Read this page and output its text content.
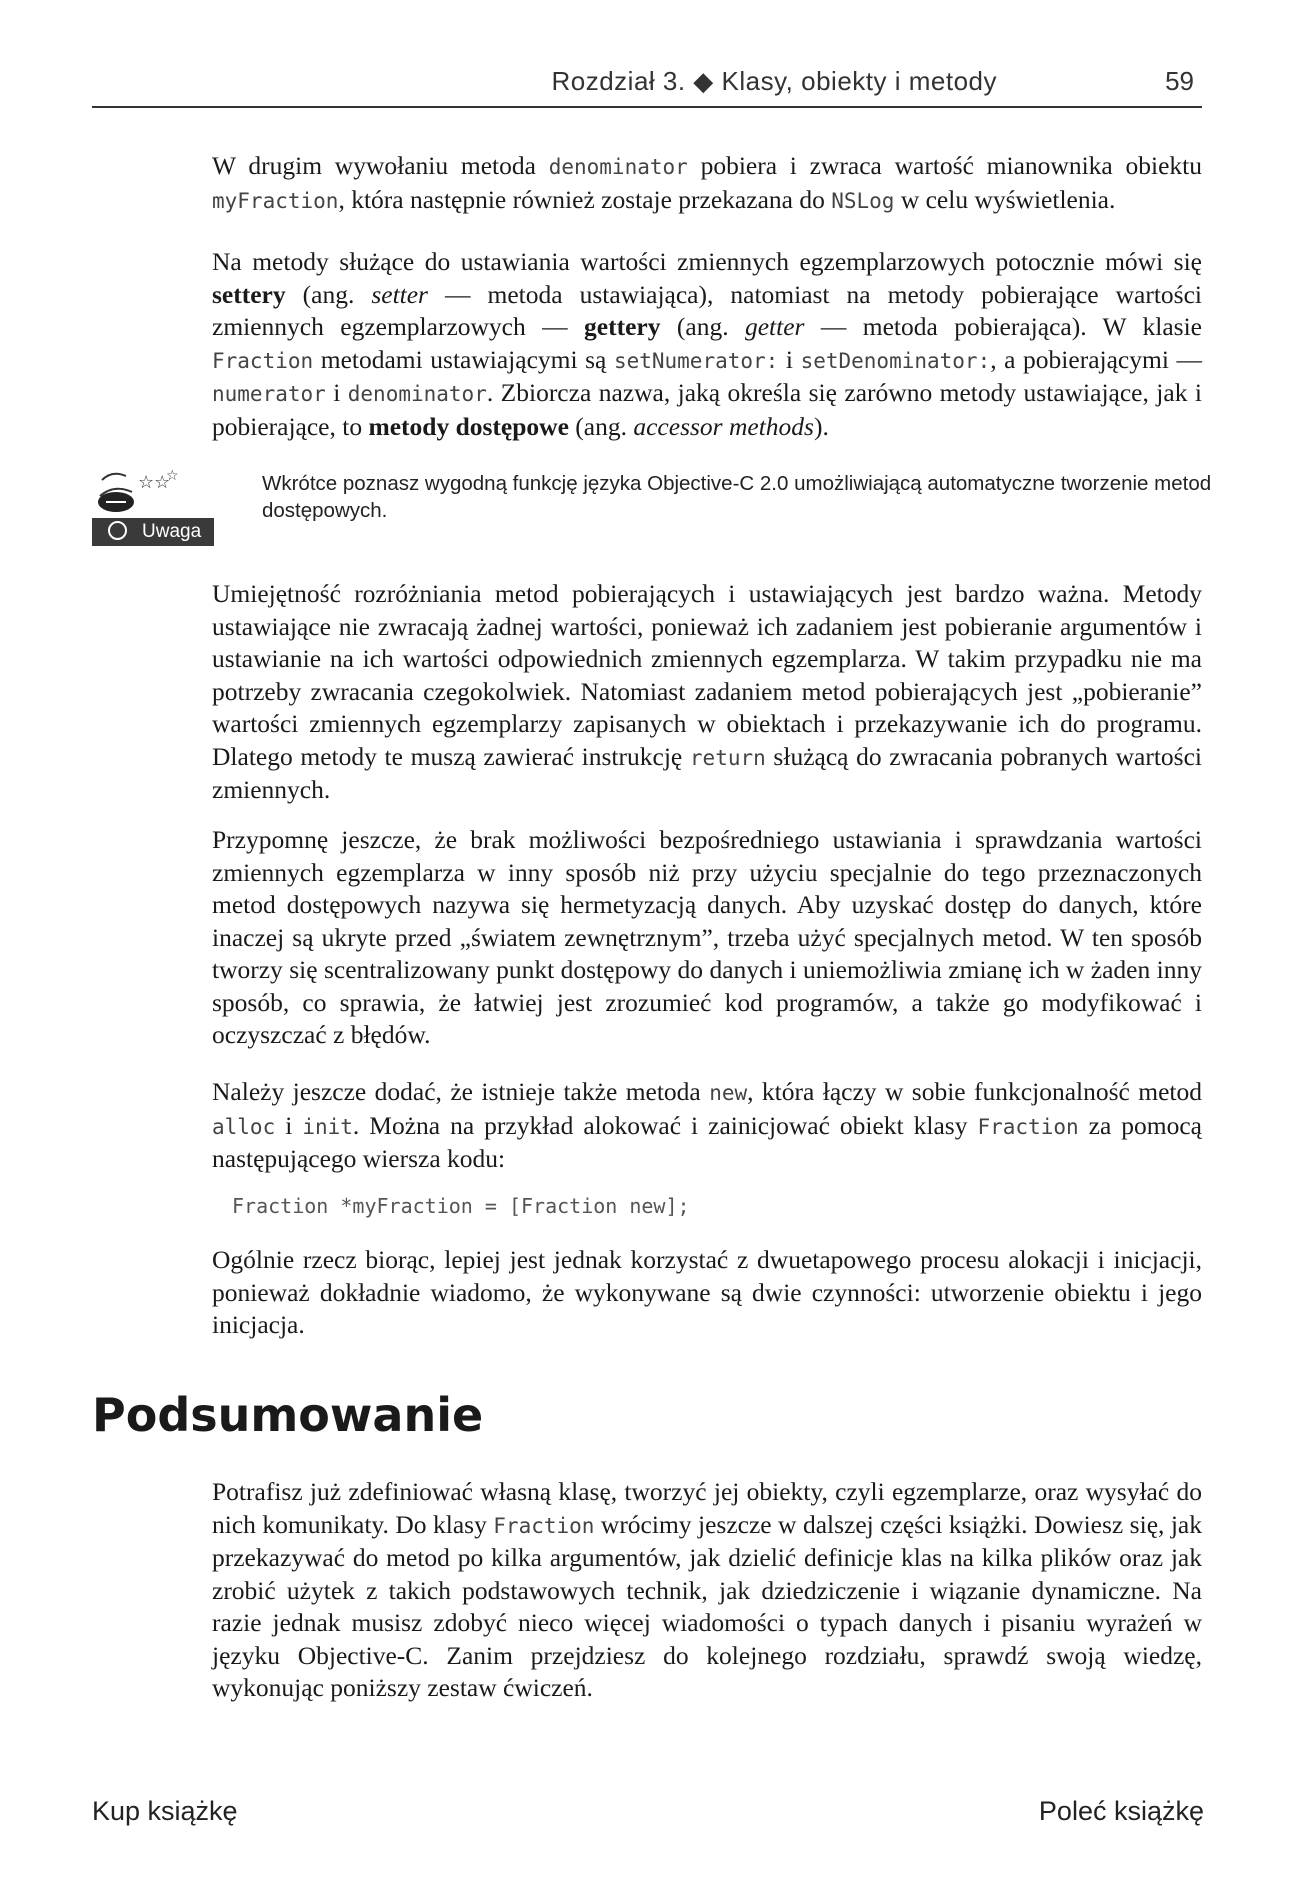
Rozdział 3. ◆ Klasy, obiekty i metody	59
W drugim wywołaniu metoda denominator pobiera i zwraca wartość mianownika obiektu myFraction, która następnie również zostaje przekazana do NSLog w celu wyświetlenia.
Na metody służące do ustawiania wartości zmiennych egzemplarzowych potocznie mówi się settery (ang. setter — metoda ustawiająca), natomiast na metody pobierające wartości zmiennych egzemplarzowych — gettery (ang. getter — metoda pobierająca). W klasie Fraction metodami ustawiającymi są setNumerator: i setDenominator:, a pobierającymi — numerator i denominator. Zbiorcza nazwa, jaką określa się zarówno metody ustawiające, jak i pobierające, to metody dostępowe (ang. accessor methods).
☆☆
☆
Uwaga
Wkrótce poznasz wygodną funkcję języka Objective-C 2.0 umożliwiającą automatyczne tworzenie metod dostępowych.
Umiejętność rozróżniania metod pobierających i ustawiających jest bardzo ważna. Metody ustawiające nie zwracają żadnej wartości, ponieważ ich zadaniem jest pobieranie argumentów i ustawianie na ich wartości odpowiednich zmiennych egzemplarza. W takim przypadku nie ma potrzeby zwracania czegokolwiek. Natomiast zadaniem metod pobierających jest „pobieranie” wartości zmiennych egzemplarzy zapisanych w obiektach i przekazywanie ich do programu. Dlatego metody te muszą zawierać instrukcję return służącą do zwracania pobranych wartości zmiennych.
Przypomnę jeszcze, że brak możliwości bezpośredniego ustawiania i sprawdzania wartości zmiennych egzemplarza w inny sposób niż przy użyciu specjalnie do tego przeznaczonych metod dostępowych nazywa się hermetyzacją danych. Aby uzyskać dostęp do danych, które inaczej są ukryte przed „światem zewnętrznym”, trzeba użyć specjalnych metod. W ten sposób tworzy się scentralizowany punkt dostępowy do danych i uniemożliwia zmianę ich w żaden inny sposób, co sprawia, że łatwiej jest zrozumieć kod programów, a także go modyfikować i oczyszczać z błędów.
Należy jeszcze dodać, że istnieje także metoda new, która łączy w sobie funkcjonalność metod alloc i init. Można na przykład alokować i zainicjować obiekt klasy Fraction za pomocą następującego wiersza kodu:
Fraction *myFraction = [Fraction new];
Ogólnie rzecz biorąc, lepiej jest jednak korzystać z dwuetapowego procesu alokacji i inicjacji, ponieważ dokładnie wiadomo, że wykonywane są dwie czynności: utworzenie obiektu i jego inicjacja.
Podsumowanie
Potrafisz już zdefiniować własną klasę, tworzyć jej obiekty, czyli egzemplarze, oraz wysyłać do nich komunikaty. Do klasy Fraction wrócimy jeszcze w dalszej części książki. Dowiesz się, jak przekazywać do metod po kilka argumentów, jak dzielić definicje klas na kilka plików oraz jak zrobić użytek z takich podstawowych technik, jak dziedziczenie i wiązanie dynamiczne. Na razie jednak musisz zdobyć nieco więcej wiadomości o typach danych i pisaniu wyrażeń w języku Objective-C. Zanim przejdziesz do kolejnego rozdziału, sprawdź swoją wiedzę, wykonując poniższy zestaw ćwiczeń.
Kup książkę	Poleć książkę
